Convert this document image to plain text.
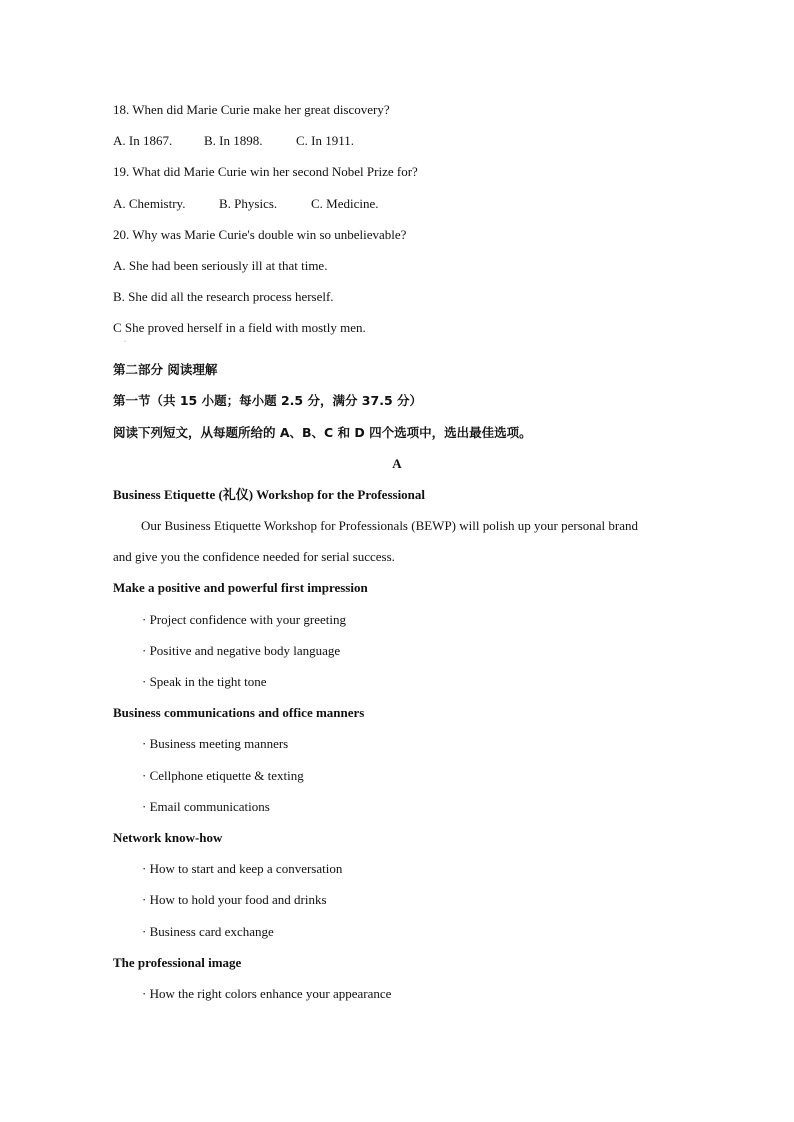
18. When did Marie Curie make her great discovery?
A. In 1867. B. In 1898.	C. In 1911.
19. What did Marie Curie win her second Nobel Prize for?
A. Chemistry.	B. Physics.	C. Medicine.
20. Why was Marie Curie's double win so unbelievable?
A. She had been seriously ill at that time.
B. She did all the research process herself.
C She proved herself in a field with mostly men.
·
第二部分 阅读理解
第一节（共 15 小题；每小题 2.5 分，满分 37.5 分）
阅读下列短文，从每题所给的 A、B、C 和 D 四个选项中，选出最佳选项。
A
Business Etiquette (礼仪) Workshop for the Professional
Our Business Etiquette Workshop for Professionals (BEWP) will polish up your personal brand
and give you the confidence needed for serial success.
Make a positive and powerful first impression
· Project confidence with your greeting
· Positive and negative body language
· Speak in the tight tone
Business communications and office manners
· Business meeting manners
· Cellphone etiquette & texting
· Email communications
Network know-how
· How to start and keep a conversation
· How to hold your food and drinks
· Business card exchange
The professional image
· How the right colors enhance your appearance
